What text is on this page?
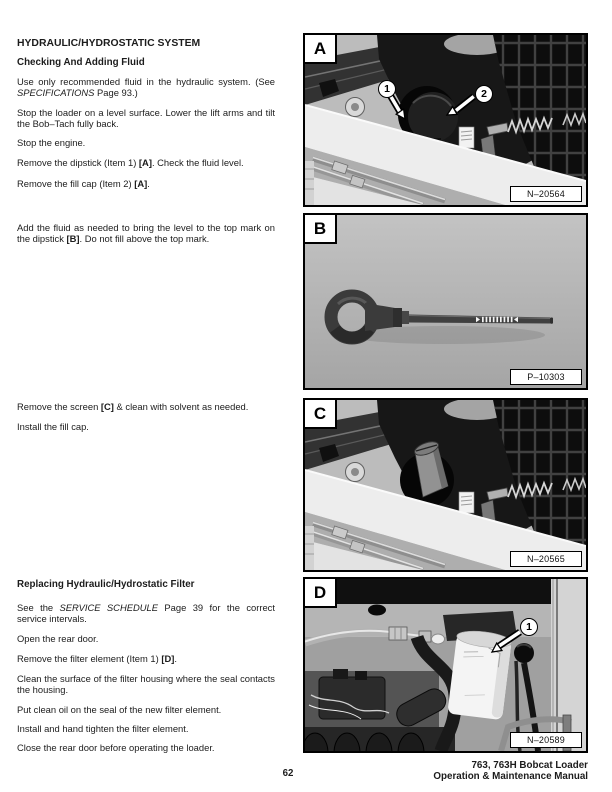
HYDRAULIC/HYDROSTATIC SYSTEM
Checking And Adding Fluid

Use only recommended fluid in the hydraulic system. (See SPECIFICATIONS Page 93.)

Stop the loader on a level surface. Lower the lift arms and tilt the Bob–Tach fully back.

Stop the engine.

Remove the dipstick (Item 1) [A]. Check the fluid level.

Remove the fill cap (Item 2) [A].

Add the fluid as needed to bring the level to the top mark on the dipstick [B]. Do not fill above the top mark.

Remove the screen [C] & clean with solvent as needed.

Install the fill cap.

Replacing Hydraulic/Hydrostatic Filter

See the SERVICE SCHEDULE Page 39 for the correct service intervals.

Open the rear door.

Remove the filter element (Item 1) [D].

Clean the surface of the filter housing where the seal contacts the housing.

Put clean oil on the seal of the new filter element.

Install and hand tighten the filter element.

Close the rear door before operating the loader.

A
1	2
N–20564
B
P–10303
C
N–20565
D
1
N–20589
62
763, 763H Bobcat Loader
Operation & Maintenance Manual
